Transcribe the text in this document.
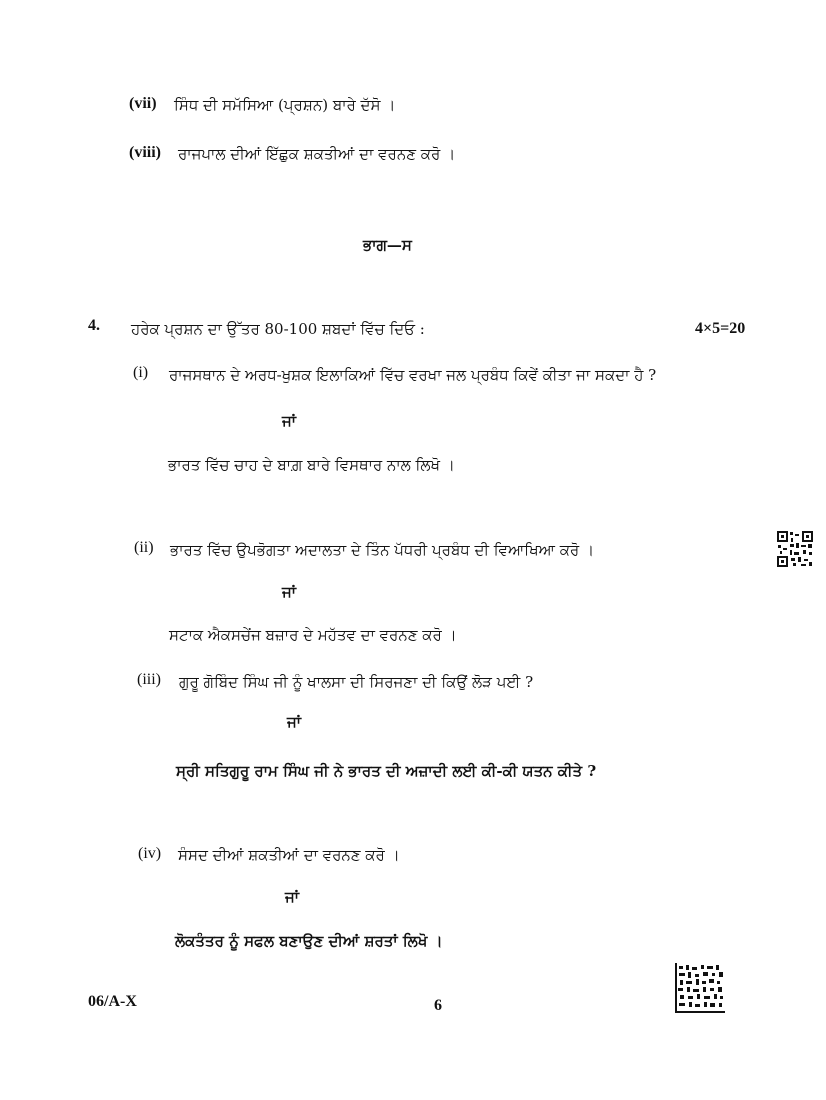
(vii) ਸਿੰਧ ਦੀ ਸਮੱਸਿਆ (ਪ੍ਰਸ਼ਨ) ਬਾਰੇ ਦੱਸੋ ।
(viii) ਰਾਜਪਾਲ ਦੀਆਂ ਇੱਛੁਕ ਸ਼ਕਤੀਆਂ ਦਾ ਵਰਨਣ ਕਰੋ ।
ਭਾਗ—ਸ
4. ਹਰੇਕ ਪ੍ਰਸ਼ਨ ਦਾ ਉੱਤਰ 80-100 ਸ਼ਬਦਾਂ ਵਿੱਚ ਦਿਓ :	4×5=20
(i) ਰਾਜਸਥਾਨ ਦੇ ਅਰਧ-ਖੁਸ਼ਕ ਇਲਾਕਿਆਂ ਵਿੱਚ ਵਰਖਾ ਜਲ ਪ੍ਰਬੰਧ ਕਿਵੇਂ ਕੀਤਾ ਜਾ ਸਕਦਾ ਹੈ ?
ਜਾਂ
ਭਾਰਤ ਵਿੱਚ ਚਾਹ ਦੇ ਬਾਗ਼ ਬਾਰੇ ਵਿਸਥਾਰ ਨਾਲ ਲਿਖੋ ।
(ii) ਭਾਰਤ ਵਿੱਚ ਉਪਭੋਗਤਾ ਅਦਾਲਤਾ ਦੇ ਤਿੰਨ ਪੱਧਰੀ ਪ੍ਰਬੰਧ ਦੀ ਵਿਆਖਿਆ ਕਰੋ ।
ਜਾਂ
ਸਟਾਕ ਐਕਸਚੇਂਜ ਬਜ਼ਾਰ ਦੇ ਮਹੱਤਵ ਦਾ ਵਰਨਣ ਕਰੋ ।
(iii) ਗੁਰੂ ਗੋਬਿੰਦ ਸਿੰਘ ਜੀ ਨੂੰ ਖਾਲਸਾ ਦੀ ਸਿਰਜਣਾ ਦੀ ਕਿਉਂ ਲੋੜ ਪਈ ?
ਜਾਂ
ਸ੍ਰੀ ਸਤਿਗੁਰੂ ਰਾਮ ਸਿੰਘ ਜੀ ਨੇ ਭਾਰਤ ਦੀ ਅਜ਼ਾਦੀ ਲਈ ਕੀ-ਕੀ ਯਤਨ ਕੀਤੇ ?
(iv) ਸੰਸਦ ਦੀਆਂ ਸ਼ਕਤੀਆਂ ਦਾ ਵਰਨਣ ਕਰੋ ।
ਜਾਂ
ਲੋਕਤੰਤਰ ਨੂੰ ਸਫਲ ਬਣਾਉਣ ਦੀਆਂ ਸ਼ਰਤਾਂ ਲਿਖੋ ।
06/A-X	6
